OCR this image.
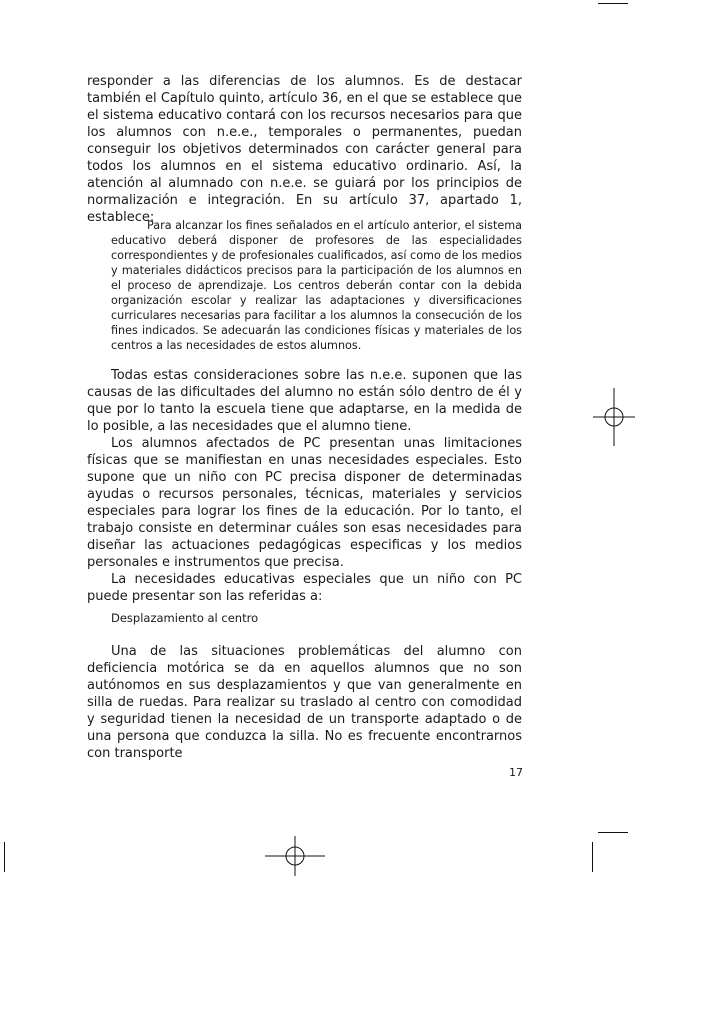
responder a las diferencias de los alumnos. Es de destacar también el Capítulo quinto, artículo 36, en el que se establece que el sistema educativo contará con los recursos necesarios para que los alumnos con n.e.e., temporales o permanentes, puedan conseguir los objetivos determinados con carácter general para todos los alumnos en el sistema educativo ordinario. Así, la atención al alumnado con n.e.e. se guiará por los principios de normalización e integración. En su artículo 37, apartado 1, establece:

Para alcanzar los fines señalados en el artículo anterior, el sistema educativo deberá disponer de profesores de las especialidades correspondientes y de profesionales cualificados, así como de los medios y materiales didácticos precisos para la participación de los alumnos en el proceso de aprendizaje. Los centros deberán contar con la debida organización escolar y realizar las adaptaciones y diversificaciones curriculares necesarias para facilitar a los alumnos la consecución de los fines indicados. Se adecuarán las condiciones físicas y materiales de los centros a las necesidades de estos alumnos.

Todas estas consideraciones sobre las n.e.e. suponen que las causas de las dificultades del alumno no están sólo dentro de él y que por lo tanto la escuela tiene que adaptarse, en la medida de lo posible, a las necesidades que el alumno tiene.

Los alumnos afectados de PC presentan unas limitaciones físicas que se manifiestan en unas necesidades especiales. Esto supone que un niño con PC precisa disponer de determinadas ayudas o recursos personales, técnicas, materiales y servicios especiales para lograr los fines de la educación. Por lo tanto, el trabajo consiste en determinar cuáles son esas necesidades para diseñar las actuaciones pedagógicas especificas y los medios personales e instrumentos que precisa.

La necesidades educativas especiales que un niño con PC puede presentar son las referidas a:

Desplazamiento al centro

Una de las situaciones problemáticas del alumno con deficiencia motórica se da en aquellos alumnos que no son autónomos en sus desplazamientos y que van generalmente en silla de ruedas. Para realizar su traslado al centro con comodidad y seguridad tienen la necesidad de un transporte adaptado o de una persona que conduzca la silla. No es frecuente encontrarnos con transporte

17
